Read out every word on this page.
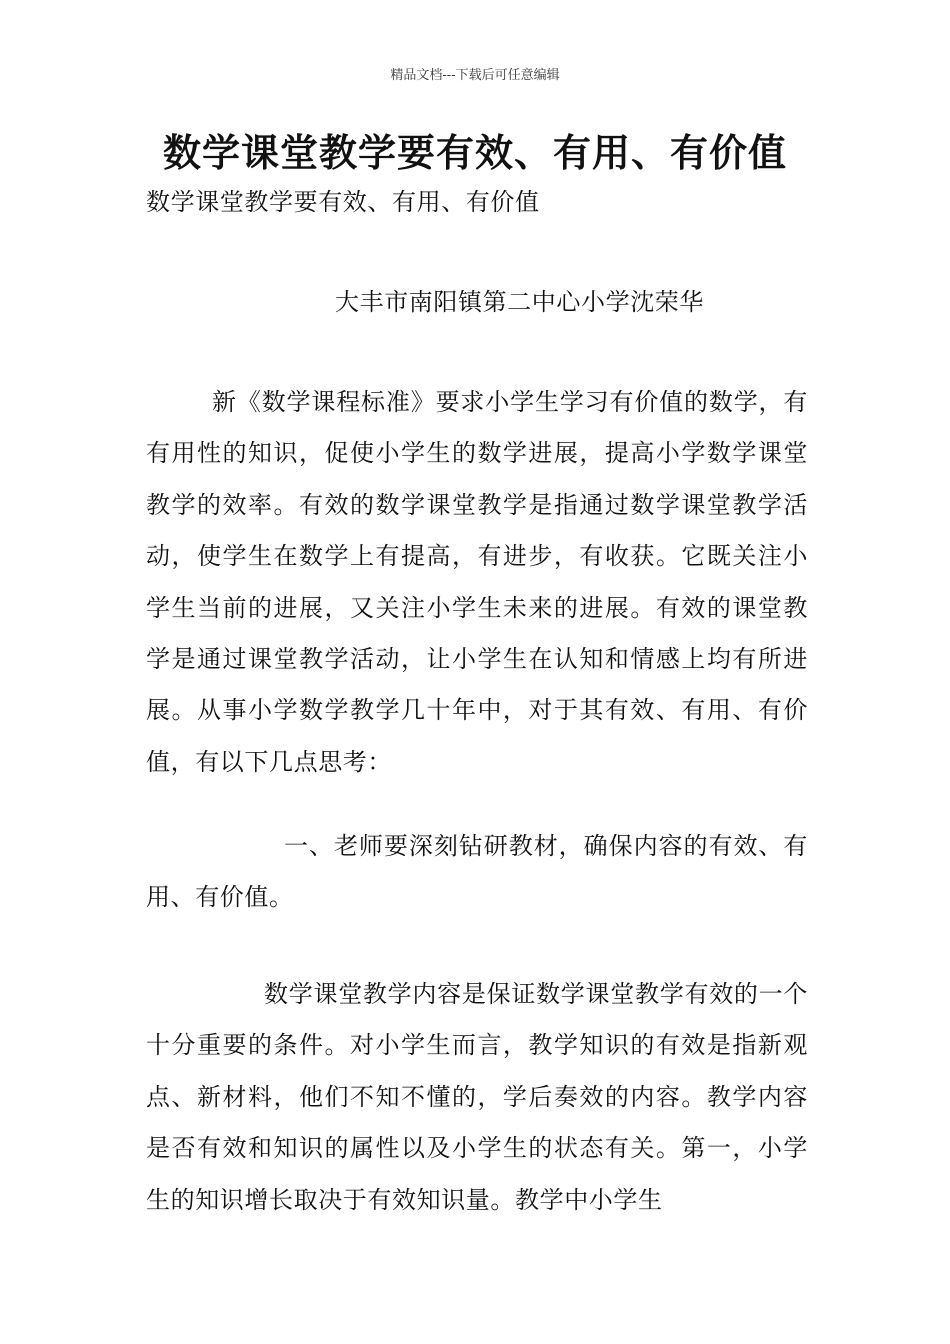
精品文档---下载后可任意编辑
数学课堂教学要有效、有用、有价值
数学课堂教学要有效、有用、有价值
大丰市南阳镇第二中心小学沈荣华
新《数学课程标准》要求小学生学习有价值的数学，有有用性的知识，促使小学生的数学进展，提高小学数学课堂教学的效率。有效的数学课堂教学是指通过数学课堂教学活动，使学生在数学上有提高，有进步，有收获。它既关注小学生当前的进展，又关注小学生未来的进展。有效的课堂教学是通过课堂教学活动，让小学生在认知和情感上均有所进展。从事小学数学教学几十年中，对于其有效、有用、有价值，有以下几点思考：
一、老师要深刻钻研教材，确保内容的有效、有用、有价值。
数学课堂教学内容是保证数学课堂教学有效的一个十分重要的条件。对小学生而言，教学知识的有效是指新观点、新材料，他们不知不懂的，学后奏效的内容。教学内容是否有效和知识的属性以及小学生的状态有关。第一，小学生的知识增长取决于有效知识量。教学中小学生
